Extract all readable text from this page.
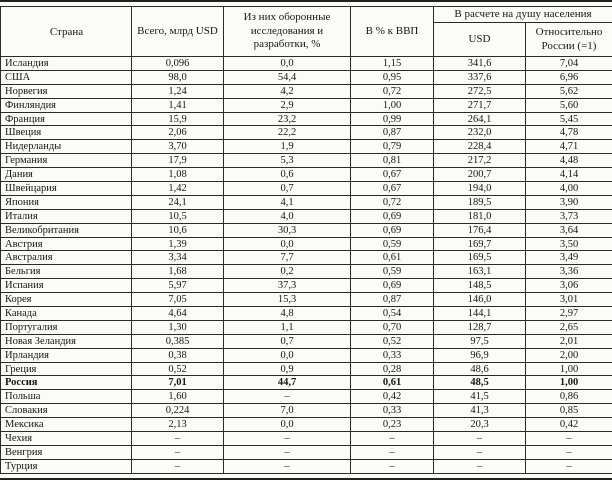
Страна	Всего, млрд USD	Из них оборонные исследования и разработки, %	В % к ВВП	В расчете на душу населения	
				USD	Относительно России (=1)
Исландия	0,096	0,0	1,15	341,6	7,04
США	98,0	54,4	0,95	337,6	6,96
Норвегия	1,24	4,2	0,72	272,5	5,62
Финляндия	1,41	2,9	1,00	271,7	5,60
Франция	15,9	23,2	0,99	264,1	5,45
Швеция	2,06	22,2	0,87	232,0	4,78
Нидерланды	3,70	1,9	0,79	228,4	4,71
Германия	17,9	5,3	0,81	217,2	4,48
Дания	1,08	0,6	0,67	200,7	4,14
Швейцария	1,42	0,7	0,67	194,0	4,00
Япония	24,1	4,1	0,72	189,5	3,90
Италия	10,5	4,0	0,69	181,0	3,73
Великобритания	10,6	30,3	0,69	176,4	3,64
Австрия	1,39	0,0	0,59	169,7	3,50
Австралия	3,34	7,7	0,61	169,5	3,49
Бельгия	1,68	0,2	0,59	163,1	3,36
Испания	5,97	37,3	0,69	148,5	3,06
Корея	7,05	15,3	0,87	146,0	3,01
Канада	4,64	4,8	0,54	144,1	2,97
Португалия	1,30	1,1	0,70	128,7	2,65
Новая Зеландия	0,385	0,7	0,52	97,5	2,01
Ирландия	0,38	0,0	0,33	96,9	2,00
Греция	0,52	0,9	0,28	48,6	1,00
Россия	7,01	44,7	0,61	48,5	1,00
Польша	1,60	–	0,42	41,5	0,86
Словакия	0,224	7,0	0,33	41,3	0,85
Мексика	2,13	0,0	0,23	20,3	0,42
Чехия	–	–	–	–	–
Венгрия	–	–	–	–	–
Турция	–	–	–	–	–
